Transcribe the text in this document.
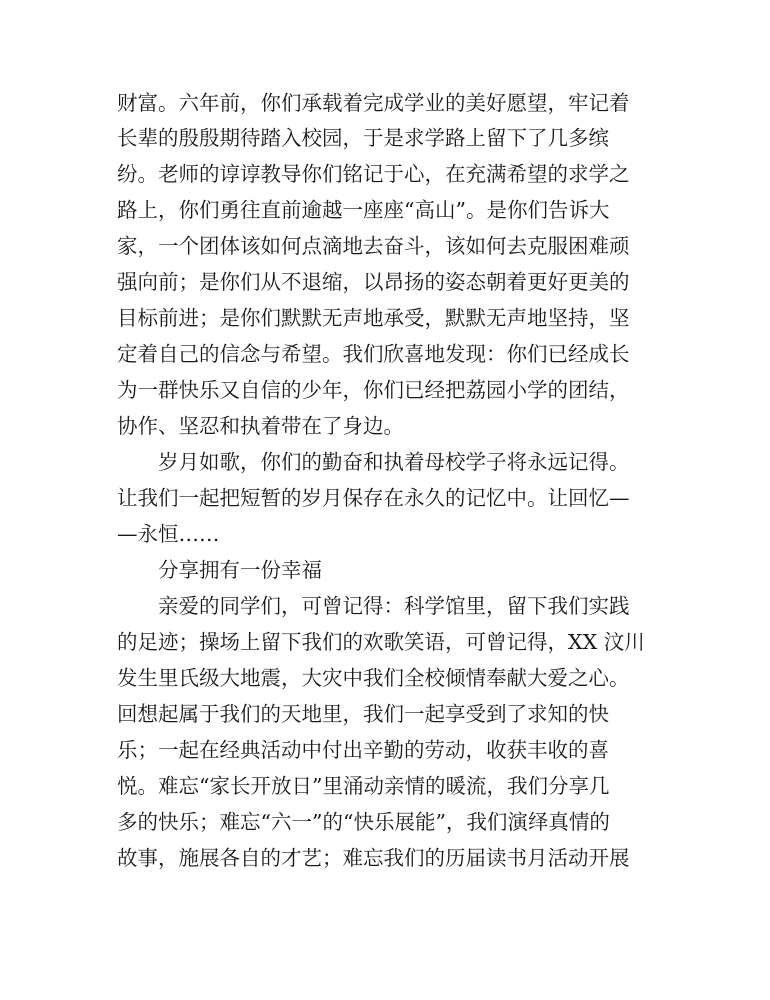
财富。六年前，你们承载着完成学业的美好愿望，牢记着
长辈的殷殷期待踏入校园，于是求学路上留下了几多缤
纷。老师的谆谆教导你们铭记于心，在充满希望的求学之
路上，你们勇往直前逾越一座座“高山”。是你们告诉大
家，一个团体该如何点滴地去奋斗，该如何去克服困难顽
强向前；是你们从不退缩，以昂扬的姿态朝着更好更美的
目标前进；是你们默默无声地承受，默默无声地坚持，坚
定着自己的信念与希望。我们欣喜地发现：你们已经成长
为一群快乐又自信的少年，你们已经把荔园小学的团结，
协作、坚忍和执着带在了身边。
岁月如歌，你们的勤奋和执着母校学子将永远记得。
让我们一起把短暂的岁月保存在永久的记忆中。让回忆—
—永恒……
分享拥有一份幸福
亲爱的同学们，可曾记得：科学馆里，留下我们实践
的足迹；操场上留下我们的欢歌笑语，可曾记得，XX 汶川
发生里氏级大地震，大灾中我们全校倾情奉献大爱之心。
回想起属于我们的天地里，我们一起享受到了求知的快
乐；一起在经典活动中付出辛勤的劳动，收获丰收的喜
悦。难忘“家长开放日”里涌动亲情的暖流，我们分享几
多的快乐；难忘“六一”的“快乐展能”，我们演绎真情的
故事，施展各自的才艺；难忘我们的历届读书月活动开展
